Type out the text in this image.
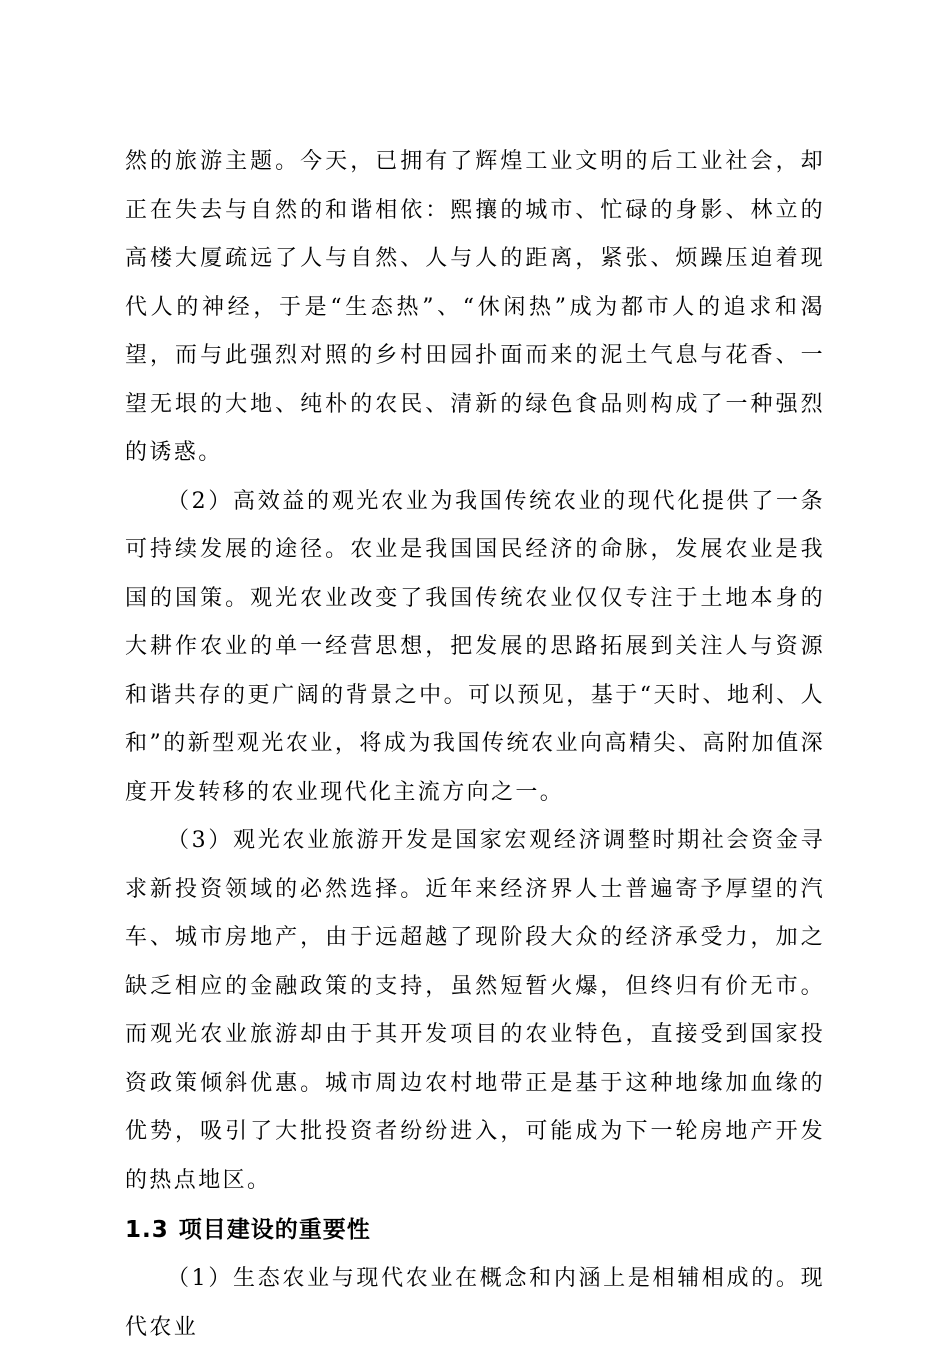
然的旅游主题。今天，已拥有了辉煌工业文明的后工业社会，却正在失去与自然的和谐相依：熙攘的城市、忙碌的身影、林立的高楼大厦疏远了人与自然、人与人的距离，紧张、烦躁压迫着现代人的神经，于是“生态热”、“休闲热”成为都市人的追求和渴望，而与此强烈对照的乡村田园扑面而来的泥土气息与花香、一望无垠的大地、纯朴的农民、清新的绿色食品则构成了一种强烈的诱惑。

（2）高效益的观光农业为我国传统农业的现代化提供了一条可持续发展的途径。农业是我国国民经济的命脉，发展农业是我国的国策。观光农业改变了我国传统农业仅仅专注于土地本身的大耕作农业的单一经营思想，把发展的思路拓展到关注人与资源和谐共存的更广阔的背景之中。可以预见，基于“天时、地利、人和”的新型观光农业，将成为我国传统农业向高精尖、高附加值深度开发转移的农业现代化主流方向之一。

（3）观光农业旅游开发是国家宏观经济调整时期社会资金寻求新投资领域的必然选择。近年来经济界人士普遍寄予厚望的汽车、城市房地产，由于远超越了现阶段大众的经济承受力，加之缺乏相应的金融政策的支持，虽然短暂火爆，但终归有价无市。而观光农业旅游却由于其开发项目的农业特色，直接受到国家投资政策倾斜优惠。城市周边农村地带正是基于这种地缘加血缘的优势，吸引了大批投资者纷纷进入，可能成为下一轮房地产开发的热点地区。

1.3 项目建设的重要性

（1）生态农业与现代农业在概念和内涵上是相辅相成的。现代农业
